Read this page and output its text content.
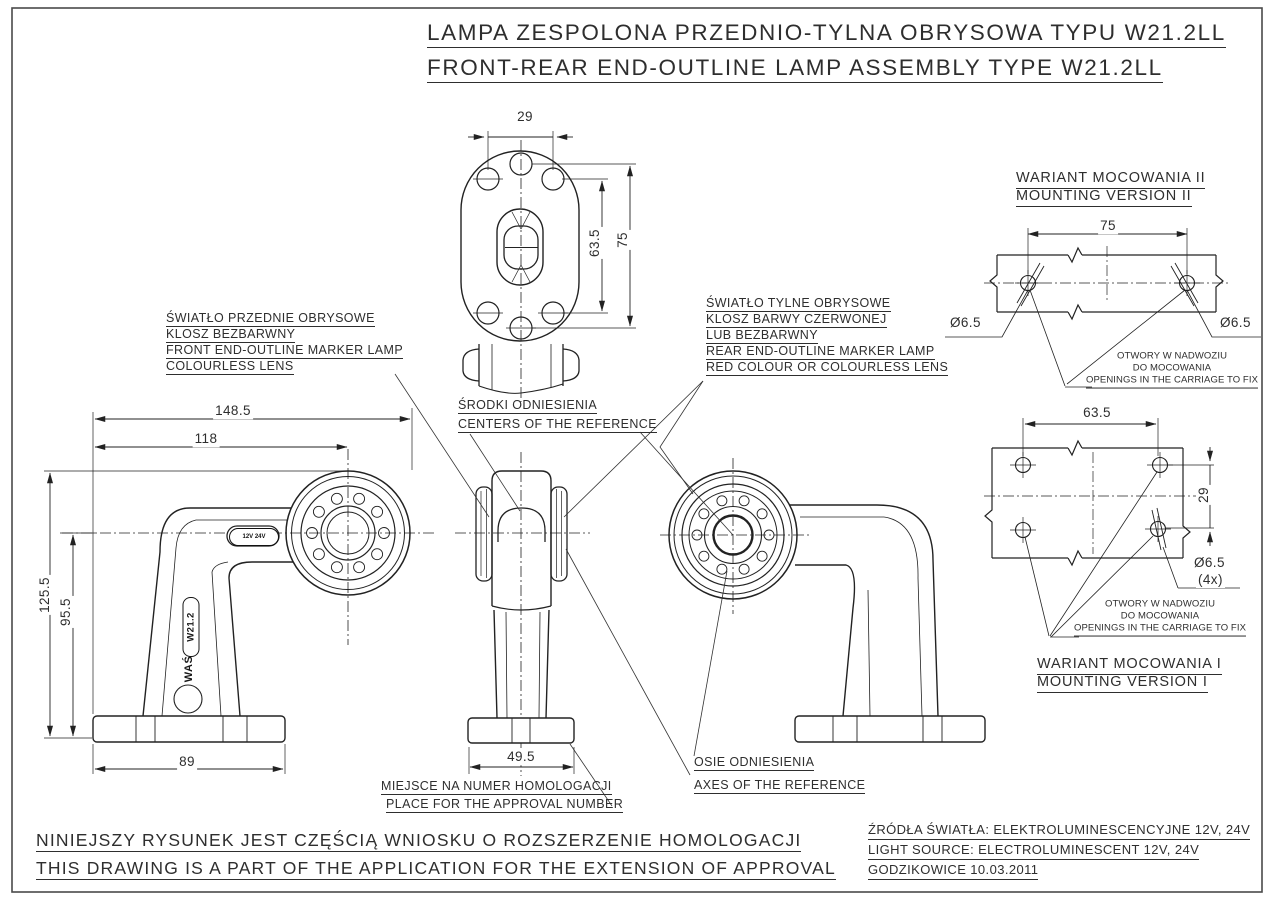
LAMPA ZESPOLONA PRZEDNIO-TYLNA OBRYSOWA TYPU W21.2LL
FRONT-REAR END-OUTLINE LAMP ASSEMBLY TYPE W21.2LL
ŚWIATŁO PRZEDNIE OBRYSOWE
KLOSZ BEZBARWNY
FRONT END-OUTLINE MARKER LAMP
COLOURLESS LENS
ŚWIATŁO TYLNE OBRYSOWE
KLOSZ BARWY CZERWONEJ
LUB BEZBARWNY
REAR END-OUTLINE MARKER LAMP
RED COLOUR OR COLOURLESS LENS
ŚRODKI ODNIESIENIA
CENTERS OF THE REFERENCE
OSIE ODNIESIENIA
AXES OF THE REFERENCE
MIEJSCE NA NUMER HOMOLOGACJI
PLACE FOR THE APPROVAL NUMBER
29
63.5 75
148.5
118
125.5 95.5
89	49.5
WARIANT MOCOWANIA II
MOUNTING VERSION II
75
Ø6.5	Ø6.5
OTWORY W NADWOZIU
DO MOCOWANIA
OPENINGS IN THE CARRIAGE TO FIX
63.5
29
Ø6.5
(4x)
OTWORY W NADWOZIU
DO MOCOWANIA
OPENINGS IN THE CARRIAGE TO FIX
WARIANT MOCOWANIA I
MOUNTING VERSION I
12V 24V
W21.2
WAŚ
NINIEJSZY RYSUNEK JEST CZĘŚCIĄ WNIOSKU O ROZSZERZENIE HOMOLOGACJI
THIS DRAWING IS A PART OF THE APPLICATION FOR THE EXTENSION OF APPROVAL
ŹRÓDŁA ŚWIATŁA: ELEKTROLUMINESCENCYJNE 12V, 24V
LIGHT SOURCE: ELECTROLUMINESCENT 12V, 24V
GODZIKOWICE 10.03.2011
